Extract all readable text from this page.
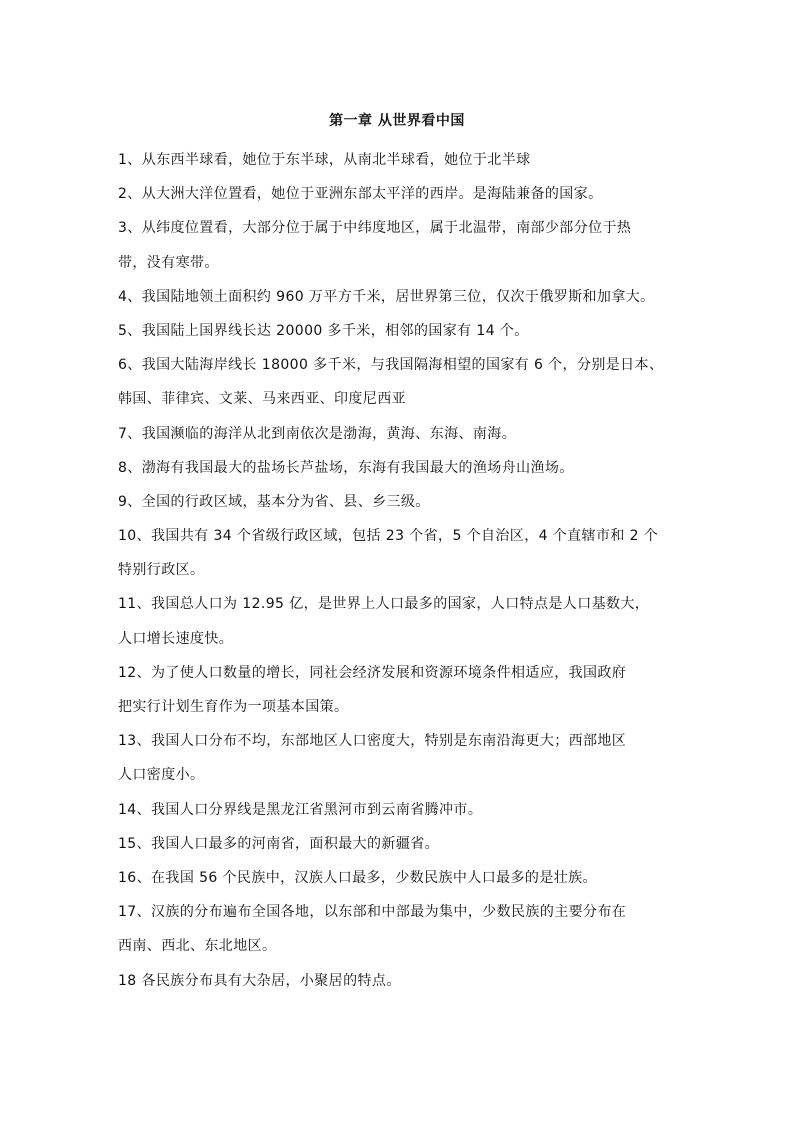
第一章 从世界看中国
1、从东西半球看，她位于东半球，从南北半球看，她位于北半球
2、从大洲大洋位置看，她位于亚洲东部太平洋的西岸。是海陆兼备的国家。
3、从纬度位置看，大部分位于属于中纬度地区，属于北温带，南部少部分位于热
带，没有寒带。
4、我国陆地领土面积约 960 万平方千米，居世界第三位，仅次于俄罗斯和加拿大。
5、我国陆上国界线长达 20000 多千米，相邻的国家有 14 个。
6、我国大陆海岸线长 18000 多千米，与我国隔海相望的国家有 6 个，分别是日本、
韩国、菲律宾、文莱、马来西亚、印度尼西亚
7、我国濒临的海洋从北到南依次是渤海，黄海、东海、南海。
8、渤海有我国最大的盐场长芦盐场，东海有我国最大的渔场舟山渔场。
9、全国的行政区域，基本分为省、县、乡三级。
10、我国共有 34 个省级行政区域，包括 23 个省，5 个自治区，4 个直辖市和 2 个
特别行政区。
11、我国总人口为 12.95 亿，是世界上人口最多的国家，人口特点是人口基数大，
人口增长速度快。
12、为了使人口数量的增长，同社会经济发展和资源环境条件相适应，我国政府
把实行计划生育作为一项基本国策。
13、我国人口分布不均，东部地区人口密度大，特别是东南沿海更大；西部地区
人口密度小。
14、我国人口分界线是黑龙江省黑河市到云南省腾冲市。
15、我国人口最多的河南省，面积最大的新疆省。
16、在我国 56 个民族中，汉族人口最多，少数民族中人口最多的是壮族。
17、汉族的分布遍布全国各地，以东部和中部最为集中，少数民族的主要分布在
西南、西北、东北地区。
18 各民族分布具有大杂居，小聚居的特点。
